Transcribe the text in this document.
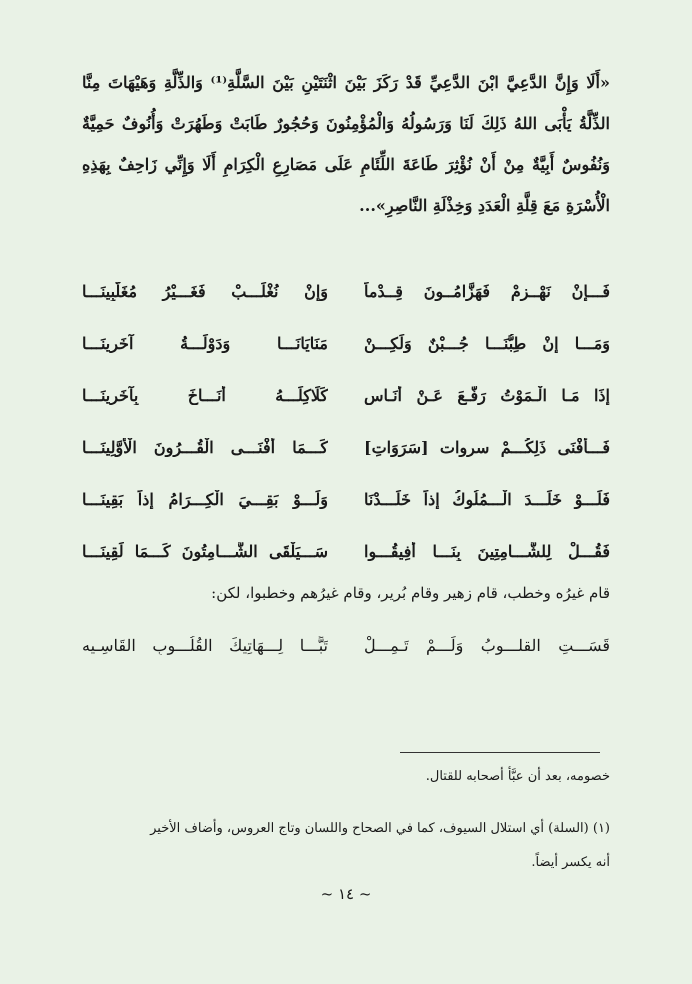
«أَلَا وَإِنَّ الدَّعِيَّ ابْنَ الدَّعِيِّ قَدْ رَكَزَ بَيْنَ اثْنَتَيْنِ بَيْنَ السَّلَّةِ⁽¹⁾ وَالذِّلَّةِ وَهَيْهَاتَ مِنَّا
الذِّلَّةُ يَأْبَى اللهُ ذَلِكَ لَنَا وَرَسُولُهُ وَالْمُؤْمِنُونَ وَحُجُورٌ طَابَتْ وَطَهُرَتْ وَأُنُوفٌ حَمِيَّةٌ
وَنُفُوسٌ أَبِيَّةٌ مِنْ أَنْ نُؤْثِرَ طَاعَةَ اللِّئَامِ عَلَى مَصَارِعِ الْكِرَامِ أَلَا وَإِنِّي زَاحِفٌ بِهَذِهِ
الْأُسْرَةِ مَعَ قِلَّةِ الْعَدَدِ وَخِذْلَةِ النَّاصِرِ»...
فَـــإِنْ نَهْــزِمْ فَهَزَّامُــونَ قِــدْماً
وَإِنْ نُغْلَـــبْ فَغَـــيْرُ مُغَلَّبِينَـــا
وَمَـــا إِنْ طِبُّنَـــا جُـــبْنٌ وَلَكِـــنْ
مَنَايَانَـــا وَدَوْلَـــةُ آخَرِينَـــا
إِذَا مَـا الْـمَوْتُ رَفَّـعَ عَـنْ أُنَـاسٍ
كَلَاكِلَـــهُ أَنَـــاخَ بِآخَرِينَـــا
فَـــأَفْنَى ذَلِكُـــمْ سروات [سَرَوَاتِ]
كَـــمَا أَفْنَـــى الْقُـــرُونَ الْأَوَّلِينَـــا
فَلَـــوْ خَلَـــدَ الْـــمُلُوكُ إِذاً خَلَـــدْنَا
وَلَـــوْ بَقِـــيَ الْكِـــرَامُ إِذاً بَقِينَـــا
فَقُـــلْ لِلشَّـــامِتِينَ بِنَـــا أَفِيقُـــوا
سَـــيَلْقَى الشَّـــامِتُونَ كَـــمَا لَقِينَـــا
قام غيرُه وخطب، قام زهير وقام بُرير، وقام غيرُهم وخطبوا، لكن:
قَسَـــتِ القلـــوبُ وَلَـــمْ تَـمِـــلْ
تَبًّـــا لِـــهَاتِيكَ القُلُـــوبِ القَاسِـيه
خصومه، بعد أن عبَّأ أصحابه للقتال.
(١) (السلة) أي استلال السيوف، كما في الصحاح واللسان وتاج العروس، وأضاف الأخير
أنه يكسر أيضاً.
~ ١٤ ~
